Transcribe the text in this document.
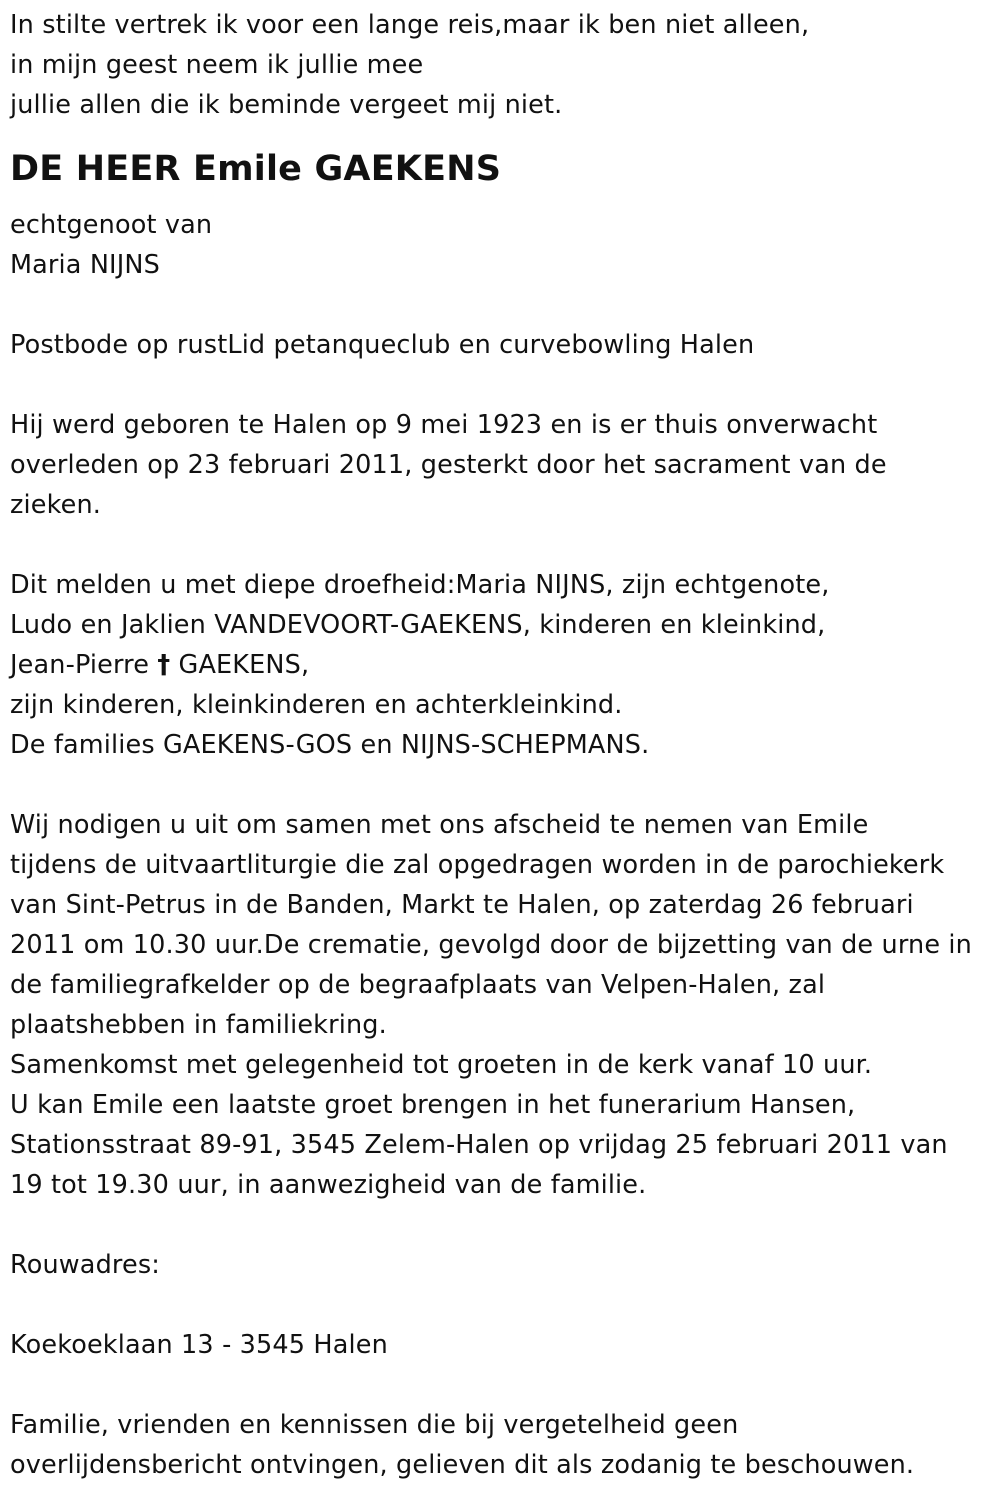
In stilte vertrek ik voor een lange reis,maar ik ben niet alleen,
in mijn geest neem ik jullie mee
jullie allen die ik beminde vergeet mij niet.
DE HEER Emile GAEKENS
echtgenoot van
Maria NIJNS
Postbode op rustLid petanqueclub en curvebowling Halen
Hij werd geboren te Halen op 9 mei 1923 en is er thuis onverwacht
overleden op 23 februari 2011, gesterkt door het sacrament van de
zieken.
Dit melden u met diepe droefheid:Maria NIJNS, zijn echtgenote,
Ludo en Jaklien VANDEVOORT-GAEKENS, kinderen en kleinkind,
Jean-Pierre † GAEKENS,
zijn kinderen, kleinkinderen en achterkleinkind.
De families GAEKENS-GOS en NIJNS-SCHEPMANS.
Wij nodigen u uit om samen met ons afscheid te nemen van Emile
tijdens de uitvaartliturgie die zal opgedragen worden in de parochiekerk
van Sint-Petrus in de Banden, Markt te Halen, op zaterdag 26 februari
2011 om 10.30 uur.De crematie, gevolgd door de bijzetting van de urne in
de familiegrafkelder op de begraafplaats van Velpen-Halen, zal
plaatshebben in familiekring.
Samenkomst met gelegenheid tot groeten in de kerk vanaf 10 uur.
U kan Emile een laatste groet brengen in het funerarium Hansen,
Stationsstraat 89-91, 3545 Zelem-Halen op vrijdag 25 februari 2011 van
19 tot 19.30 uur, in aanwezigheid van de familie.
Rouwadres:
Koekoeklaan 13 - 3545 Halen
Familie, vrienden en kennissen die bij vergetelheid geen
overlijdensbericht ontvingen, gelieven dit als zodanig te beschouwen.
